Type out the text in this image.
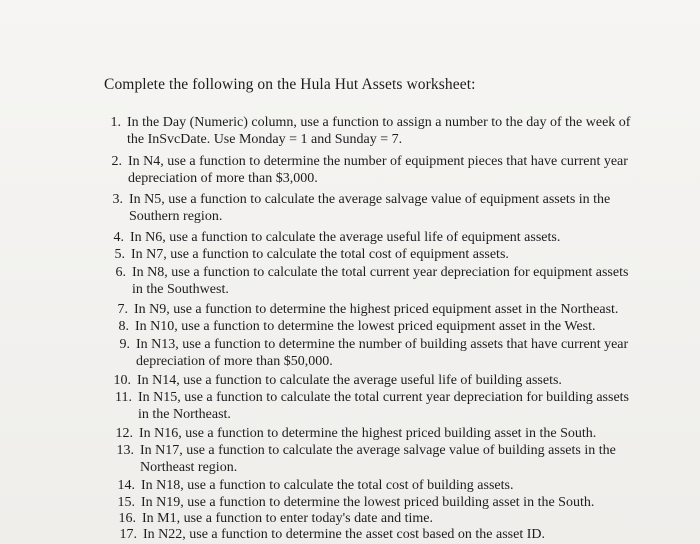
Complete the following on the Hula Hut Assets worksheet:
1. In the Day (Numeric) column, use a function to assign a number to the day of the week of
the InSvcDate. Use Monday = 1 and Sunday = 7.
2. In N4, use a function to determine the number of equipment pieces that have current year
depreciation of more than $3,000.
3. In N5, use a function to calculate the average salvage value of equipment assets in the
Southern region.
4. In N6, use a function to calculate the average useful life of equipment assets.
5. In N7, use a function to calculate the total cost of equipment assets.
6. In N8, use a function to calculate the total current year depreciation for equipment assets
in the Southwest.
7. In N9, use a function to determine the highest priced equipment asset in the Northeast.
8. In N10, use a function to determine the lowest priced equipment asset in the West.
9. In N13, use a function to determine the number of building assets that have current year
depreciation of more than $50,000.
10. In N14, use a function to calculate the average useful life of building assets.
11. In N15, use a function to calculate the total current year depreciation for building assets
in the Northeast.
12. In N16, use a function to determine the highest priced building asset in the South.
13. In N17, use a function to calculate the average salvage value of building assets in the
Northeast region.
14. In N18, use a function to calculate the total cost of building assets.
15. In N19, use a function to determine the lowest priced building asset in the South.
16. In M1, use a function to enter today's date and time.
17. In N22, use a function to determine the asset cost based on the asset ID.
